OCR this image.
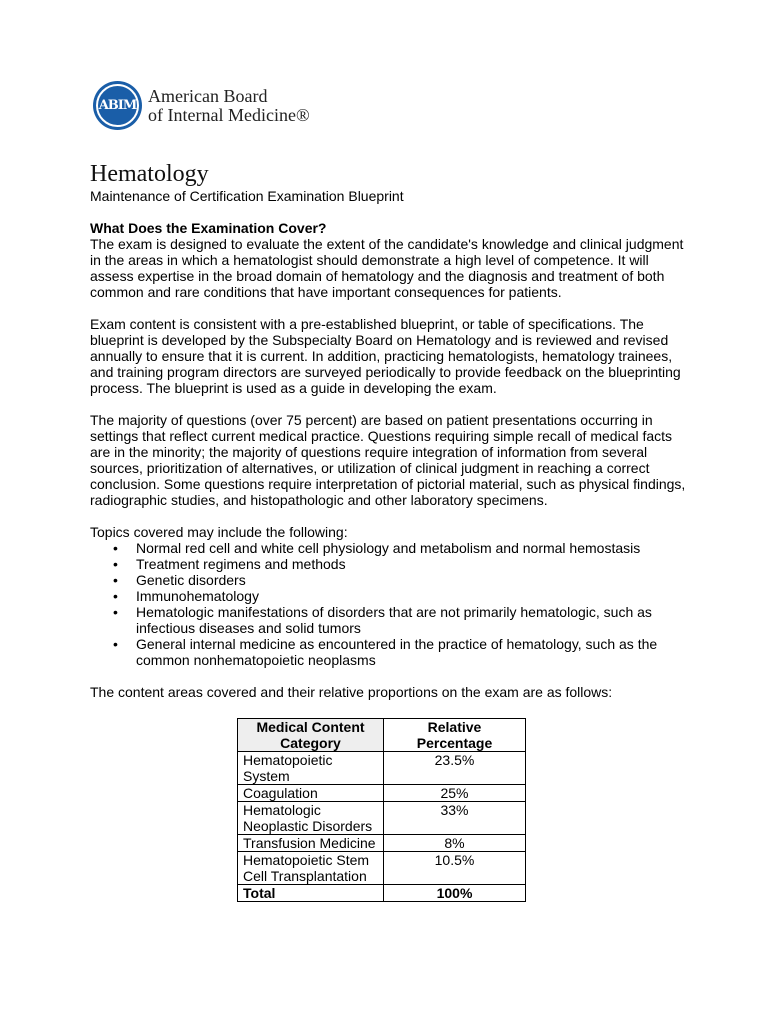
ABIM American Board
of Internal Medicine®
Hematology
Maintenance of Certification Examination Blueprint
What Does the Examination Cover?

The exam is designed to evaluate the extent of the candidate's knowledge and clinical judgment in the areas in which a hematologist should demonstrate a high level of competence. It will assess expertise in the broad domain of hematology and the diagnosis and treatment of both common and rare conditions that have important consequences for patients.

Exam content is consistent with a pre-established blueprint, or table of specifications. The blueprint is developed by the Subspecialty Board on Hematology and is reviewed and revised annually to ensure that it is current. In addition, practicing hematologists, hematology trainees, and training program directors are surveyed periodically to provide feedback on the blueprinting process. The blueprint is used as a guide in developing the exam.

The majority of questions (over 75 percent) are based on patient presentations occurring in settings that reflect current medical practice. Questions requiring simple recall of medical facts are in the minority; the majority of questions require integration of information from several sources, prioritization of alternatives, or utilization of clinical judgment in reaching a correct conclusion. Some questions require interpretation of pictorial material, such as physical findings, radiographic studies, and histopathologic and other laboratory specimens.

Topics covered may include the following:
• Normal red cell and white cell physiology and metabolism and normal hemostasis
• Treatment regimens and methods
• Genetic disorders
• Immunohematology
• Hematologic manifestations of disorders that are not primarily hematologic, such as infectious diseases and solid tumors
• General internal medicine as encountered in the practice of hematology, such as the common nonhematopoietic neoplasms
The content areas covered and their relative proportions on the exam are as follows:
Medical Content Category	Relative Percentage
Hematopoietic System	23.5%
Coagulation	25%
Hematologic Neoplastic Disorders	33%
Transfusion Medicine	8%
Hematopoietic Stem Cell Transplantation	10.5%
Total	100%
